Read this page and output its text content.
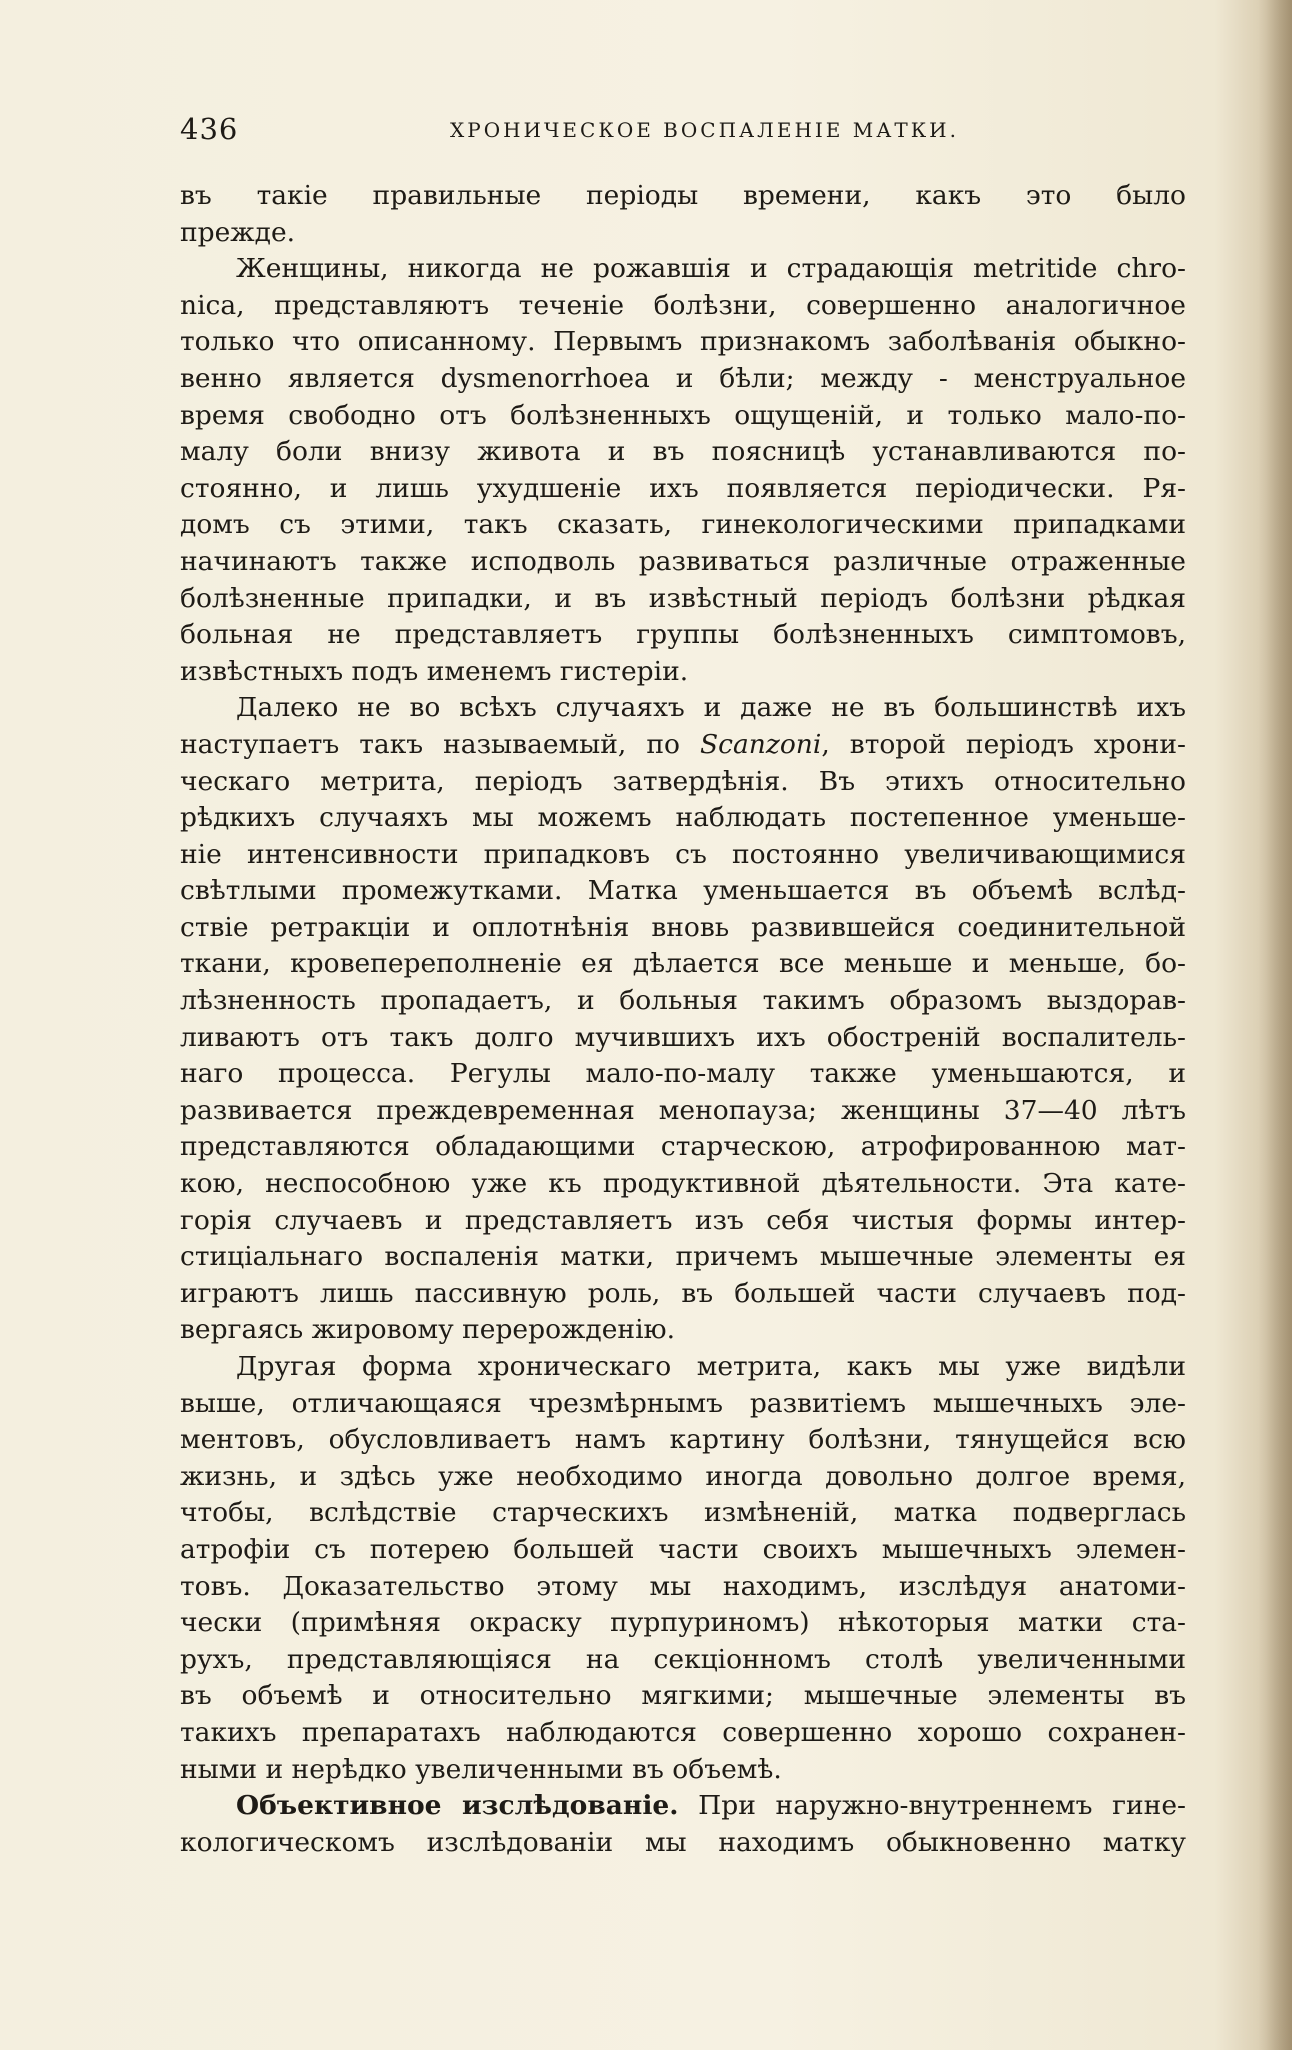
436	ХРОНИЧЕСКОЕ ВОСПАЛЕНІЕ МАТКИ.
въ такіе правильные періоды времени, какъ это было
прежде.
Женщины, никогда не рожавшія и страдающія metritide chro-
nica, представляютъ теченіе болѣзни, совершенно аналогичное
только что описанному. Первымъ признакомъ заболѣванія обыкно-
венно является dysmenorrhoea и бѣли; между - менструальное
время свободно отъ болѣзненныхъ ощущеній, и только мало-по-
малу боли внизу живота и въ поясницѣ устанавливаются по-
стоянно, и лишь ухудшеніе ихъ появляется періодически. Ря-
домъ съ этими, такъ сказать, гинекологическими припадками
начинаютъ также исподволь развиваться различные отраженные
болѣзненные припадки, и въ извѣстный періодъ болѣзни рѣдкая
больная не представляетъ группы болѣзненныхъ симптомовъ,
извѣстныхъ подъ именемъ гистеріи.
Далеко не во всѣхъ случаяхъ и даже не въ большинствѣ ихъ
наступаетъ такъ называемый, по Scanzoni, второй періодъ хрони-
ческаго метрита, періодъ затвердѣнія. Въ этихъ относительно
рѣдкихъ случаяхъ мы можемъ наблюдать постепенное уменьше-
ніе интенсивности припадковъ съ постоянно увеличивающимися
свѣтлыми промежутками. Матка уменьшается въ объемѣ вслѣд-
ствіе ретракціи и оплотнѣнія вновь развившейся соединительной
ткани, кровепереполненіе ея дѣлается все меньше и меньше, бо-
лѣзненность пропадаетъ, и больныя такимъ образомъ выздорав-
ливаютъ отъ такъ долго мучившихъ ихъ обостреній воспалитель-
наго процесса. Регулы мало-по-малу также уменьшаются, и
развивается преждевременная менопауза; женщины 37—40 лѣтъ
представляются обладающими старческою, атрофированною мат-
кою, неспособною уже къ продуктивной дѣятельности. Эта кате-
горія случаевъ и представляетъ изъ себя чистыя формы интер-
стиціальнаго воспаленія матки, причемъ мышечные элементы ея
играютъ лишь пассивную роль, въ большей части случаевъ под-
вергаясь жировому перерожденію.
Другая форма хроническаго метрита, какъ мы уже видѣли
выше, отличающаяся чрезмѣрнымъ развитіемъ мышечныхъ эле-
ментовъ, обусловливаетъ намъ картину болѣзни, тянущейся всю
жизнь, и здѣсь уже необходимо иногда довольно долгое время,
чтобы, вслѣдствіе старческихъ измѣненій, матка подверглась
атрофіи съ потерею большей части своихъ мышечныхъ элемен-
товъ. Доказательство этому мы находимъ, изслѣдуя анатоми-
чески (примѣняя окраску пурпуриномъ) нѣкоторыя матки ста-
рухъ, представляющіяся на секціонномъ столѣ увеличенными
въ объемѣ и относительно мягкими; мышечные элементы въ
такихъ препаратахъ наблюдаются совершенно хорошо сохранен-
ными и нерѣдко увеличенными въ объемѣ.
Объективное изслѣдованіе. При наружно-внутреннемъ гине-
кологическомъ изслѣдованіи мы находимъ обыкновенно матку
